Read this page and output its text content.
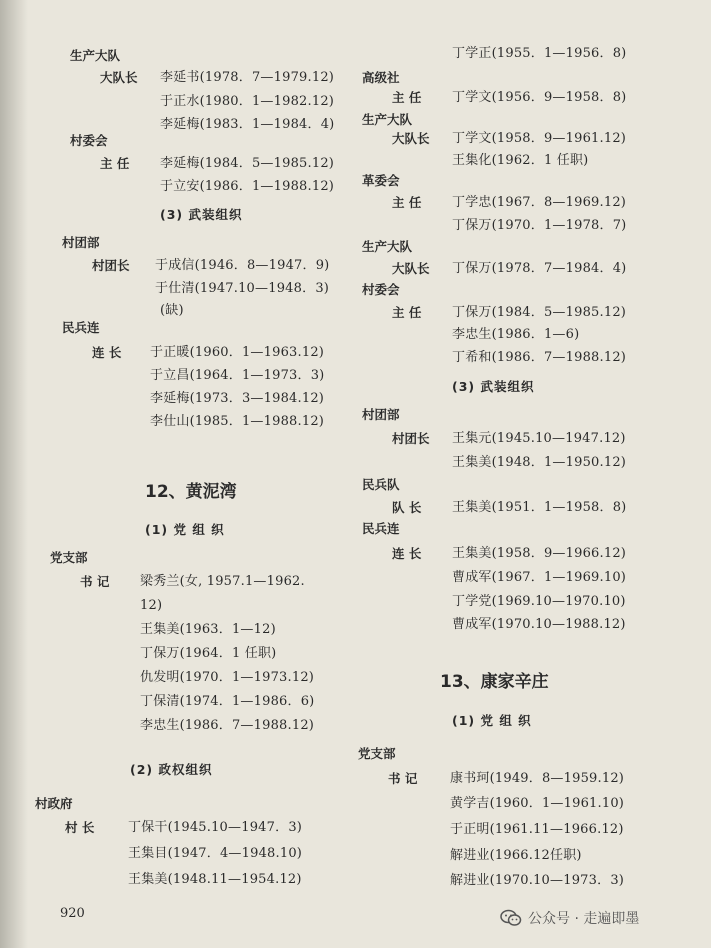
生产大队
大队长 李延书(1978．7—1979.12)
于正水(1980．1—1982.12)
李延梅(1983．1—1984．4)
村委会
主 任 李延梅(1984．5—1985.12)
于立安(1986．1—1988.12)
(3) 武装组织
村团部
村团长 于成信(1946．8—1947．9)
于仕清(1947.10—1948．3)
(缺)
民兵连
连 长 于正暖(1960．1—1963.12)
于立昌(1964．1—1973．3)
李延梅(1973．3—1984.12)
李仕山(1985．1—1988.12)
12、黄泥湾
(1) 党 组 织
党支部
书 记 梁秀兰(女, 1957.1—1962.
12)
王集美(1963．1—12)
丁保万(1964．1 任职)
仇发明(1970．1—1973.12)
丁保清(1974．1—1986．6)
李忠生(1986．7—1988.12)
(2) 政权组织
村政府
村 长	丁保干(1945.10—1947．3)
王集目(1947．4—1948.10)
王集美(1948.11—1954.12)
920
丁学正(1955．1—1956．8)
高级社
主 任 丁学文(1956．9—1958．8)
生产大队
大队长 丁学文(1958．9—1961.12)
王集化(1962．1 任职)
革委会
主 任 丁学忠(1967．8—1969.12)
丁保万(1970．1—1978．7)
生产大队
大队长 丁保万(1978．7—1984．4)
村委会
主 任 丁保万(1984．5—1985.12)
李忠生(1986．1—6)
丁希和(1986．7—1988.12)
(3) 武装组织
村团部
村团长 王集元(1945.10—1947.12)
王集美(1948．1—1950.12)
民兵队
队 长 王集美(1951．1—1958．8)
民兵连
连 长 王集美(1958．9—1966.12)
曹成军(1967．1—1969.10)
丁学党(1969.10—1970.10)
曹成军(1970.10—1988.12)
13、康家辛庄
(1) 党 组 织
党支部
书 记	康书珂(1949．8—1959.12)
黄学吉(1960．1—1961.10)
于正明(1961.11—1966.12)
解进业(1966.12任职)
解进业(1970.10—1973．3)
公众号 · 走遍即墨
